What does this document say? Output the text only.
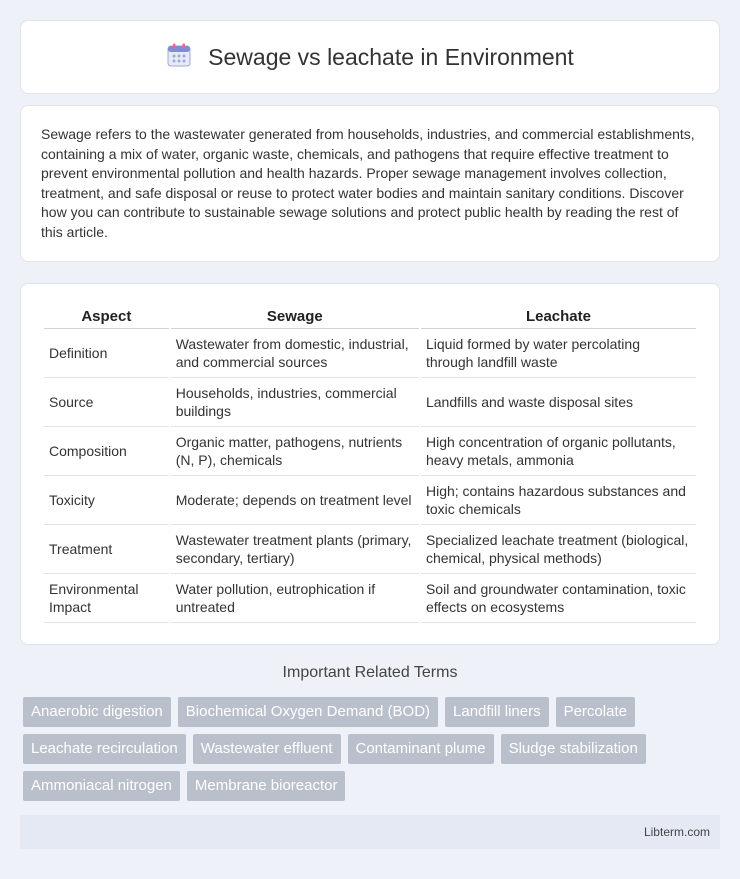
Sewage vs leachate in Environment

Sewage refers to the wastewater generated from households, industries, and commercial establishments, containing a mix of water, organic waste, chemicals, and pathogens that require effective treatment to prevent environmental pollution and health hazards. Proper sewage management involves collection, treatment, and safe disposal or reuse to protect water bodies and maintain sanitary conditions. Discover how you can contribute to sustainable sewage solutions and protect public health by reading the rest of this article.

Aspect	Sewage	Leachate
Definition	Wastewater from domestic, industrial, and commercial sources	Liquid formed by water percolating through landfill waste
Source	Households, industries, commercial buildings	Landfills and waste disposal sites
Composition	Organic matter, pathogens, nutrients (N, P), chemicals	High concentration of organic pollutants, heavy metals, ammonia
Toxicity	Moderate; depends on treatment level	High; contains hazardous substances and toxic chemicals
Treatment	Wastewater treatment plants (primary, secondary, tertiary)	Specialized leachate treatment (biological, chemical, physical methods)
Environmental Impact	Water pollution, eutrophication if untreated	Soil and groundwater contamination, toxic effects on ecosystems
Important Related Terms
Anaerobic digestion	Biochemical Oxygen Demand (BOD)	Landfill liners	Percolate
Leachate recirculation	Wastewater effluent	Contaminant plume	Sludge stabilization
Ammoniacal nitrogen	Membrane bioreactor
Libterm.com
